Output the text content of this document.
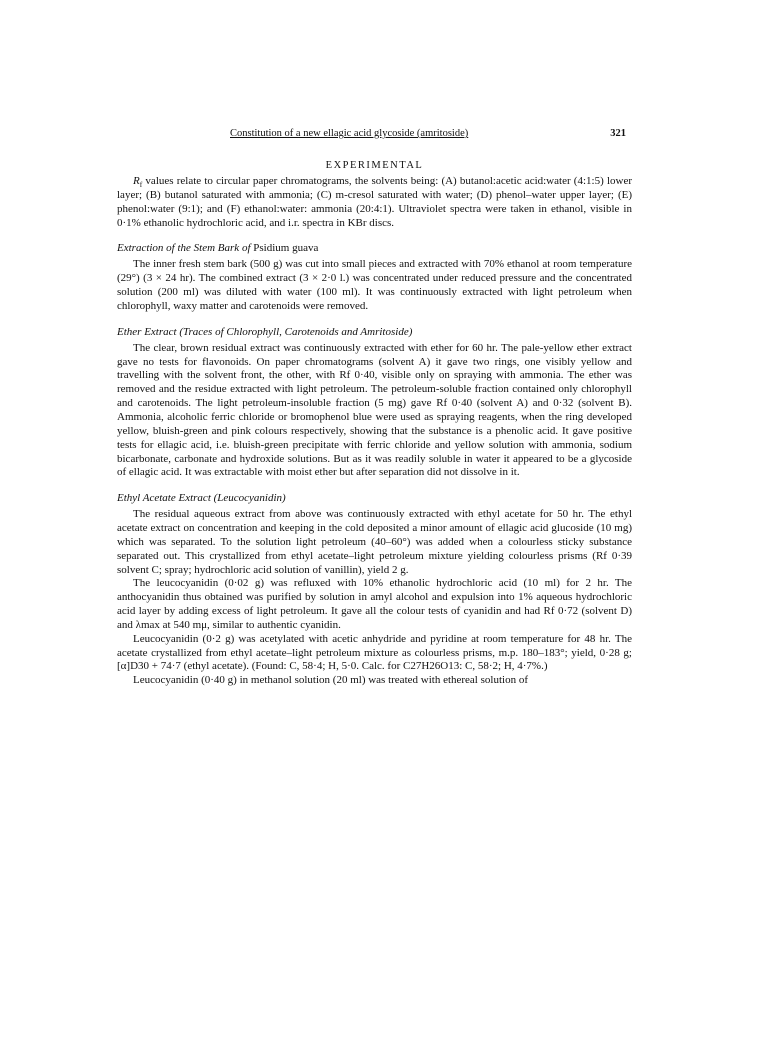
Constitution of a new ellagic acid glycoside (amritoside)	321
EXPERIMENTAL

$R_f$ values relate to circular paper chromatograms, the solvents being: (A) butanol:acetic acid:water (4:1:5) lower layer; (B) butanol saturated with ammonia; (C) m-cresol saturated with water; (D) phenol–water upper layer; (E) phenol:water (9:1); and (F) ethanol:water: ammonia (20:4:1). Ultraviolet spectra were taken in ethanol, visible in 0·1% ethanolic hydrochloric acid, and i.r. spectra in KBr discs.

Extraction of the Stem Bark of Psidium guava

The inner fresh stem bark (500 g) was cut into small pieces and extracted with 70% ethanol at room temperature (29°) (3 × 24 hr). The combined extract (3 × 2·0 l.) was concentrated under reduced pressure and the concentrated solution (200 ml) was diluted with water (100 ml). It was continuously extracted with light petroleum when chlorophyll, waxy matter and carotenoids were removed.

Ether Extract (Traces of Chlorophyll, Carotenoids and Amritoside)

The clear, brown residual extract was continuously extracted with ether for 60 hr. The pale-yellow ether extract gave no tests for flavonoids. On paper chromatograms (solvent A) it gave two rings, one visibly yellow and travelling with the solvent front, the other, with Rf 0·40, visible only on spraying with ammonia. The ether was removed and the residue extracted with light petroleum. The petroleum-soluble fraction contained only chlorophyll and carotenoids. The light petroleum-insoluble fraction (5 mg) gave Rf 0·40 (solvent A) and 0·32 (solvent B). Ammonia, alcoholic ferric chloride or bromophenol blue were used as spraying reagents, when the ring developed yellow, bluish-green and pink colours respectively, showing that the substance is a phenolic acid. It gave positive tests for ellagic acid, i.e. bluish-green precipitate with ferric chloride and yellow solution with ammonia, sodium bicarbonate, carbonate and hydroxide solutions. But as it was readily soluble in water it appeared to be a glycoside of ellagic acid. It was extractable with moist ether but after separation did not dissolve in it.

Ethyl Acetate Extract (Leucocyanidin)

The residual aqueous extract from above was continuously extracted with ethyl acetate for 50 hr. The ethyl acetate extract on concentration and keeping in the cold deposited a minor amount of ellagic acid glucoside (10 mg) which was separated. To the solution light petroleum (40–60°) was added when a colourless sticky substance separated out. This crystallized from ethyl acetate–light petroleum mixture yielding colourless prisms (Rf 0·39 solvent C; spray; hydrochloric acid solution of vanillin), yield 2 g.

The leucocyanidin (0·02 g) was refluxed with 10% ethanolic hydrochloric acid (10 ml) for 2 hr. The anthocyanidin thus obtained was purified by solution in amyl alcohol and expulsion into 1% aqueous hydrochloric acid layer by adding excess of light petroleum. It gave all the colour tests of cyanidin and had Rf 0·72 (solvent D) and λmax at 540 mμ, similar to authentic cyanidin.

Leucocyanidin (0·2 g) was acetylated with acetic anhydride and pyridine at room temperature for 48 hr. The acetate crystallized from ethyl acetate–light petroleum mixture as colourless prisms, m.p. 180–183°; yield, 0·28 g; [α]D30 + 74·7 (ethyl acetate). (Found: C, 58·4; H, 5·0. Calc. for C27H26O13: C, 58·2; H, 4·7%.)

Leucocyanidin (0·40 g) in methanol solution (20 ml) was treated with ethereal solution of
